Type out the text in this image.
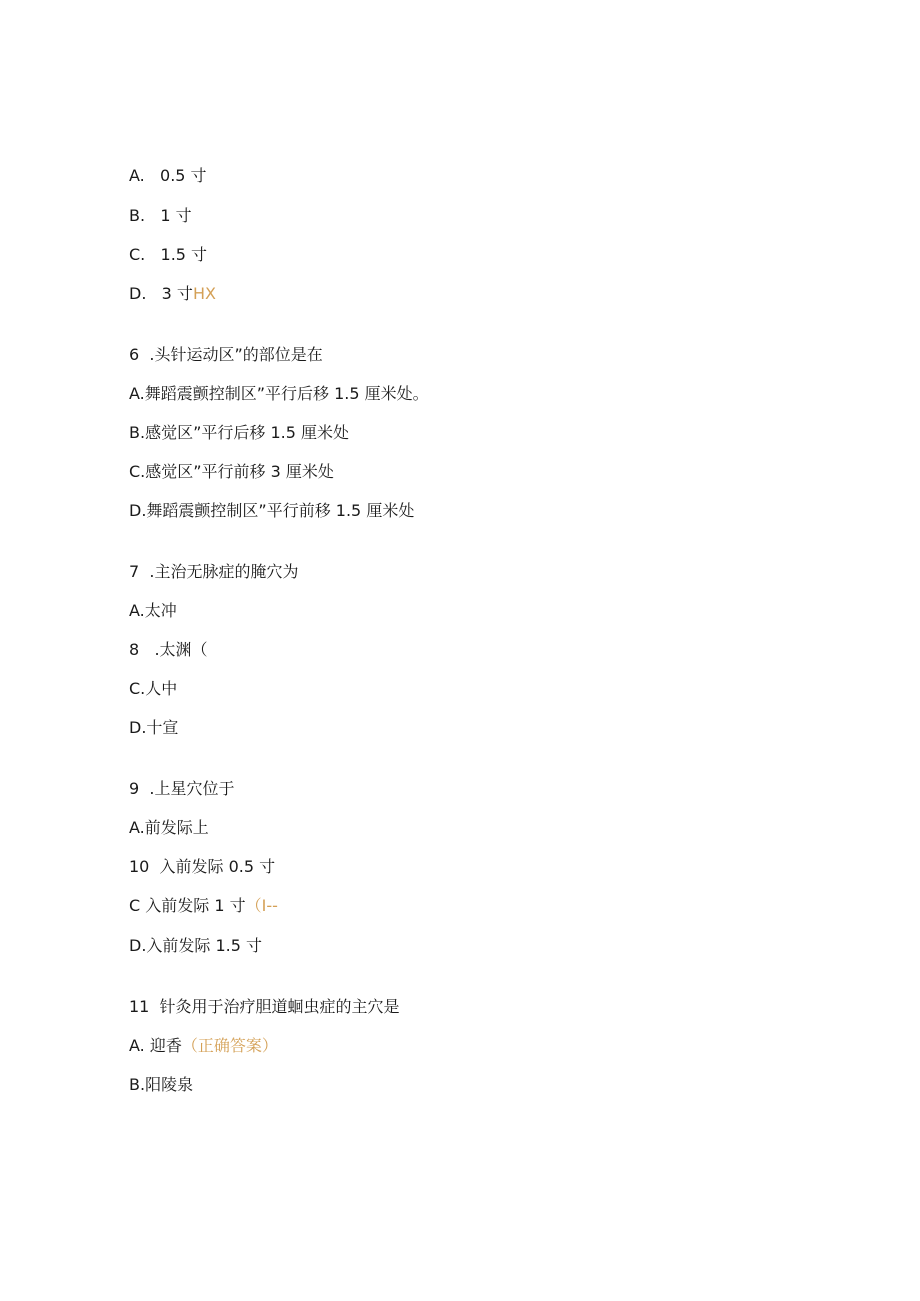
A.   0.5 寸
B.   1 寸
C.   1.5 寸
D.   3 寸HX
6  .头针运动区”的部位是在
A.舞蹈震颤控制区”平行后移 1.5 厘米处。
B.感觉区”平行后移 1.5 厘米处
C.感觉区”平行前移 3 厘米处
D.舞蹈震颤控制区”平行前移 1.5 厘米处
7  .主治无脉症的腌穴为
A.太冲
8   .太渊（
C.人中
D.十宣
9  .上星穴位于
A.前发际上
10  入前发际 0.5 寸
C 入前发际 1 寸（I--
D.入前发际 1.5 寸
11  针灸用于治疗胆道蛔虫症的主穴是
A. 迎香（正确答案）
B.阳陵泉
